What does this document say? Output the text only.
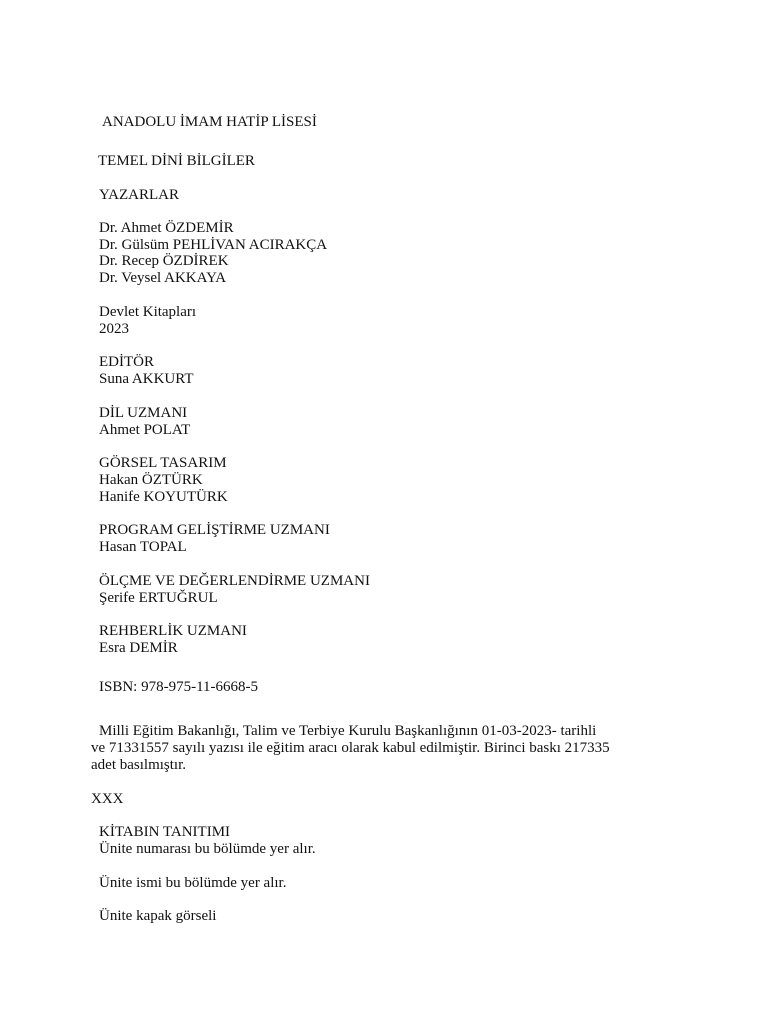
ANADOLU İMAM HATİP LİSESİ

TEMEL DİNİ BİLGİLER

YAZARLAR

Dr. Ahmet ÖZDEMİR

Dr. Gülsüm PEHLİVAN ACIRAKÇA

Dr. Recep ÖZDİREK

Dr. Veysel AKKAYA

Devlet Kitapları

2023

EDİTÖR

Suna AKKURT

DİL UZMANI

Ahmet POLAT

GÖRSEL TASARIM

Hakan ÖZTÜRK

Hanife KOYUTÜRK

PROGRAM GELİŞTİRME UZMANI

Hasan TOPAL

ÖLÇME VE DEĞERLENDİRME UZMANI

Şerife ERTUĞRUL

REHBERLİK UZMANI

Esra DEMİR

ISBN: 978-975-11-6668-5

Milli Eğitim Bakanlığı, Talim ve Terbiye Kurulu Başkanlığının 01-03-2023- tarihli ve 71331557 sayılı yazısı ile eğitim aracı olarak kabul edilmiştir. Birinci baskı 217335 adet basılmıştır.

XXX

KİTABIN TANITIMI

Ünite numarası bu bölümde yer alır.

Ünite ismi bu bölümde yer alır.

Ünite kapak görseli
